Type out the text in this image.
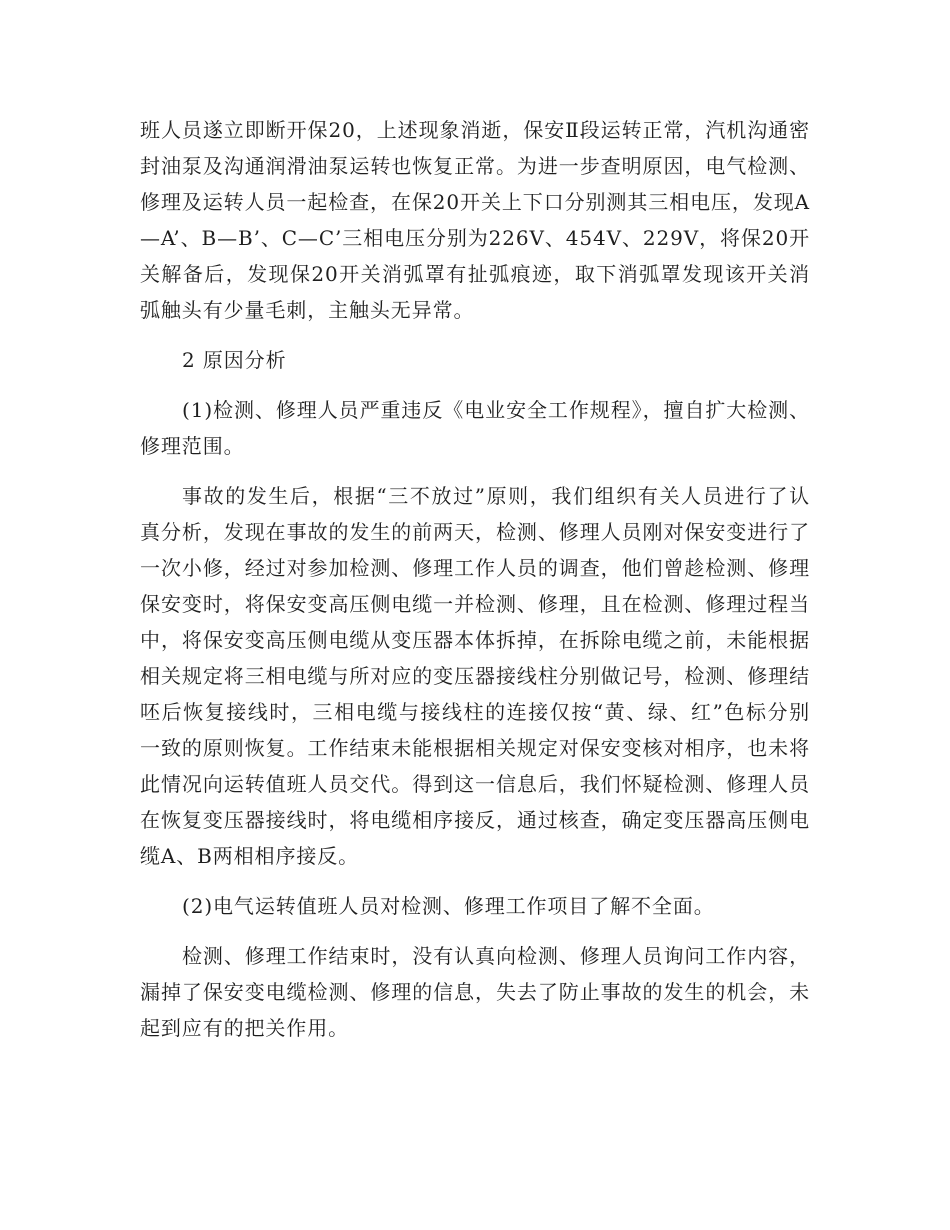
班人员遂立即断开保20，上述现象消逝，保安Ⅱ段运转正常，汽机沟通密封油泵及沟通润滑油泵运转也恢复正常。为进一步查明原因，电气检测、修理及运转人员一起检查，在保20开关上下口分别测其三相电压，发现A—A’、B—B’、C—C’三相电压分别为226V、454V、229V，将保20开关解备后，发现保20开关消弧罩有扯弧痕迹，取下消弧罩发现该开关消弧触头有少量毛刺，主触头无异常。

2 原因分析

(1)检测、修理人员严重违反《电业安全工作规程》，擅自扩大检测、修理范围。

事故的发生后，根据“三不放过”原则，我们组织有关人员进行了认真分析，发现在事故的发生的前两天，检测、修理人员刚对保安变进行了一次小修，经过对参加检测、修理工作人员的调查，他们曾趁检测、修理保安变时，将保安变高压侧电缆一并检测、修理，且在检测、修理过程当中，将保安变高压侧电缆从变压器本体拆掉，在拆除电缆之前，未能根据相关规定将三相电缆与所对应的变压器接线柱分别做记号，检测、修理结呸后恢复接线时，三相电缆与接线柱的连接仅按“黄、绿、红”色标分别一致的原则恢复。工作结束未能根据相关规定对保安变核对相序，也未将此情况向运转值班人员交代。得到这一信息后，我们怀疑检测、修理人员在恢复变压器接线时，将电缆相序接反，通过核查，确定变压器高压侧电缆A、B两相相序接反。

(2)电气运转值班人员对检测、修理工作项目了解不全面。

检测、修理工作结束时，没有认真向检测、修理人员询问工作内容，漏掉了保安变电缆检测、修理的信息，失去了防止事故的发生的机会，未起到应有的把关作用。
